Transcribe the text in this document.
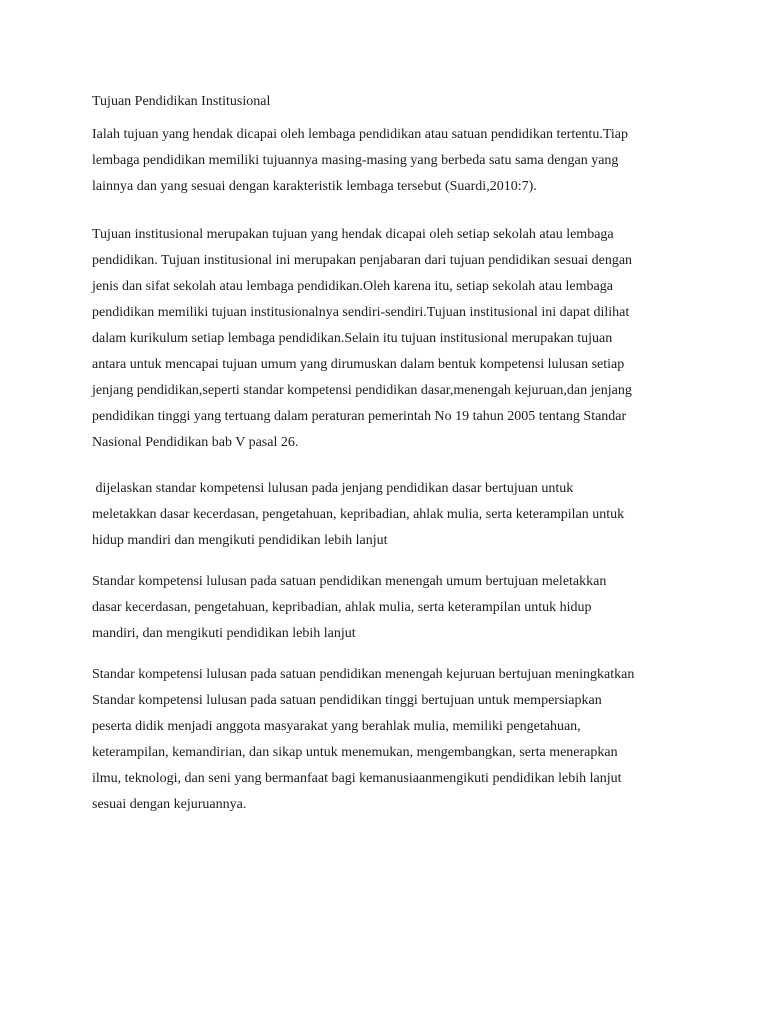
Tujuan Pendidikan Institusional

Ialah tujuan yang hendak dicapai oleh lembaga pendidikan atau satuan pendidikan tertentu.Tiap
lembaga pendidikan memiliki tujuannya masing-masing yang berbeda satu sama dengan yang
lainnya dan yang sesuai dengan karakteristik lembaga tersebut (Suardi,2010:7).

Tujuan institusional merupakan tujuan yang hendak dicapai oleh setiap sekolah atau lembaga
pendidikan. Tujuan institusional ini merupakan penjabaran dari tujuan pendidikan sesuai dengan
jenis dan sifat sekolah atau lembaga pendidikan.Oleh karena itu, setiap sekolah atau lembaga
pendidikan memiliki tujuan institusionalnya sendiri-sendiri.Tujuan institusional ini dapat dilihat
dalam kurikulum setiap lembaga pendidikan.Selain itu tujuan institusional merupakan tujuan
antara untuk mencapai tujuan umum yang dirumuskan dalam bentuk kompetensi lulusan setiap
jenjang pendidikan,seperti standar kompetensi pendidikan dasar,menengah kejuruan,dan jenjang
pendidikan tinggi yang tertuang dalam peraturan pemerintah No 19 tahun 2005 tentang Standar
Nasional Pendidikan bab V pasal 26.

dijelaskan standar kompetensi lulusan pada jenjang pendidikan dasar bertujuan untuk
meletakkan dasar kecerdasan, pengetahuan, kepribadian, ahlak mulia, serta keterampilan untuk
hidup mandiri dan mengikuti pendidikan lebih lanjut

Standar kompetensi lulusan pada satuan pendidikan menengah umum bertujuan meletakkan
dasar kecerdasan, pengetahuan, kepribadian, ahlak mulia, serta keterampilan untuk hidup
mandiri, dan mengikuti pendidikan lebih lanjut

Standar kompetensi lulusan pada satuan pendidikan menengah kejuruan bertujuan meningkatkan
Standar kompetensi lulusan pada satuan pendidikan tinggi bertujuan untuk mempersiapkan
peserta didik menjadi anggota masyarakat yang berahlak mulia, memiliki pengetahuan,
keterampilan, kemandirian, dan sikap untuk menemukan, mengembangkan, serta menerapkan
ilmu, teknologi, dan seni yang bermanfaat bagi kemanusiaanmengikuti pendidikan lebih lanjut
sesuai dengan kejuruannya.
